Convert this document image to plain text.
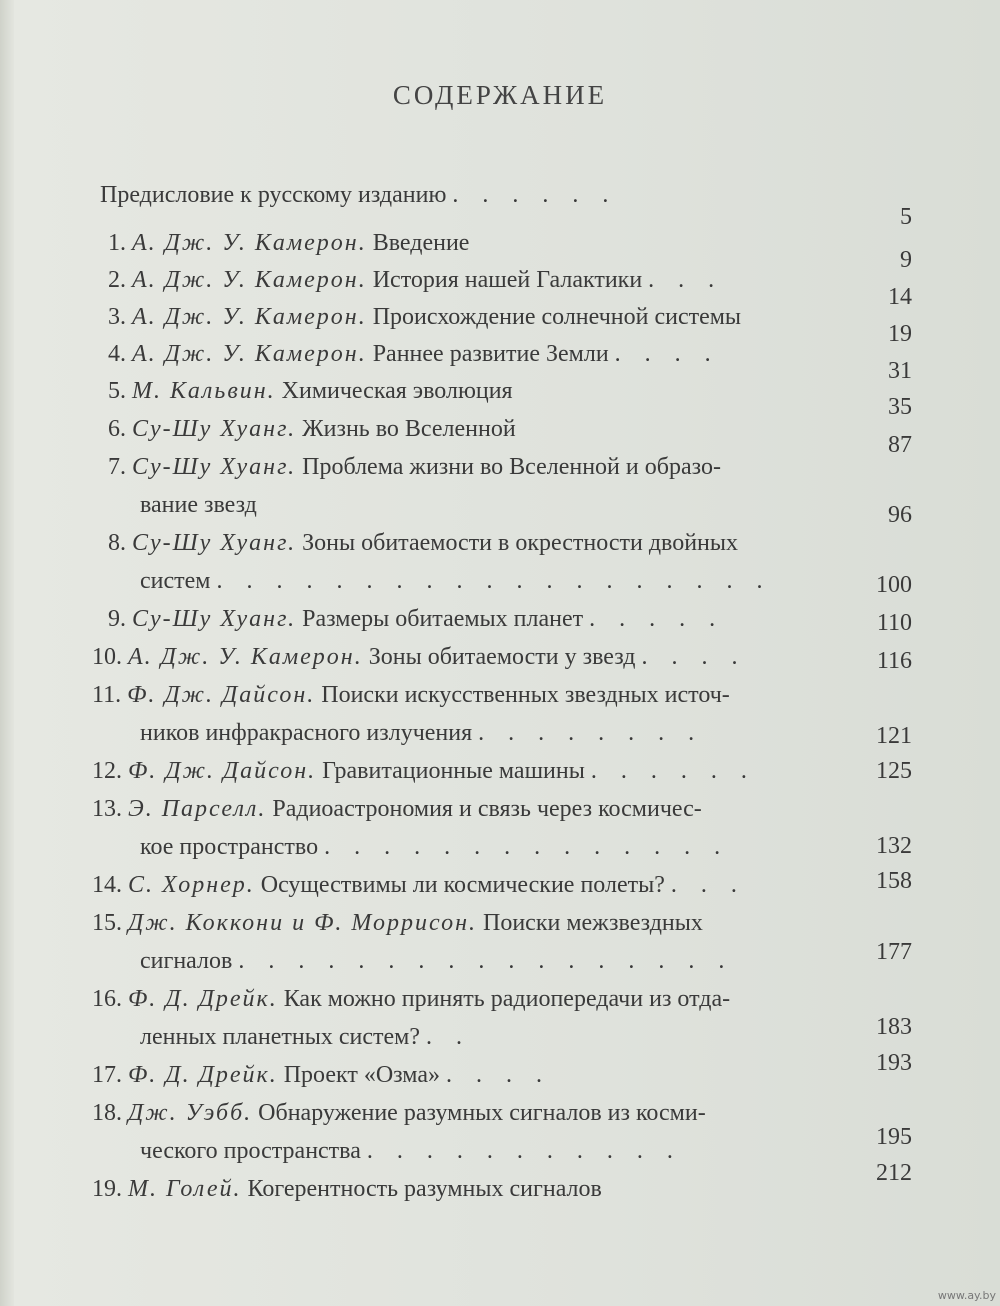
СОДЕРЖАНИЕ
Предисловие к русскому изданию . . . . . .
1. А. Дж. У. Камерон. Введение
2. А. Дж. У. Камерон. История нашей Галактики . . .
3. А. Дж. У. Камерон. Происхождение солнечной системы
4. А. Дж. У. Камерон. Раннее развитие Земли . . . .
5. М. Кальвин. Химическая эволюция
6. Су-Шу Хуанг. Жизнь во Вселенной
7. Су-Шу Хуанг. Проблема жизни во Вселенной и образо-
вание звезд
8. Су-Шу Хуанг. Зоны обитаемости в окрестности двойных
систем . . . . . . . . . . . . . . . . . . .
9. Су-Шу Хуанг. Размеры обитаемых планет . . . . .
10. А. Дж. У. Камерон. Зоны обитаемости у звезд . . . .
11. Ф. Дж. Дайсон. Поиски искусственных звездных источ-
ников инфракрасного излучения . . . . . . . .
12. Ф. Дж. Дайсон. Гравитационные машины . . . . . .
13. Э. Парселл. Радиоастрономия и связь через космичес-
кое пространство . . . . . . . . . . . . . .
14. С. Хорнер. Осуществимы ли космические полеты? . . .
15. Дж. Коккони и Ф. Моррисон. Поиски межзвездных
сигналов . . . . . . . . . . . . . . . . .
16. Ф. Д. Дрейк. Как можно принять радиопередачи из отда-
ленных планетных систем? . .
17. Ф. Д. Дрейк. Проект «Озма» . . . .
18. Дж. Уэбб. Обнаружение разумных сигналов из косми-
ческого пространства . . . . . . . . . . .
19. М. Голей. Когерентность разумных сигналов
5
9
14
19
31
35
87
96
100
110
116
121
125
132
158
177
183
193
195
212
www.ay.by
